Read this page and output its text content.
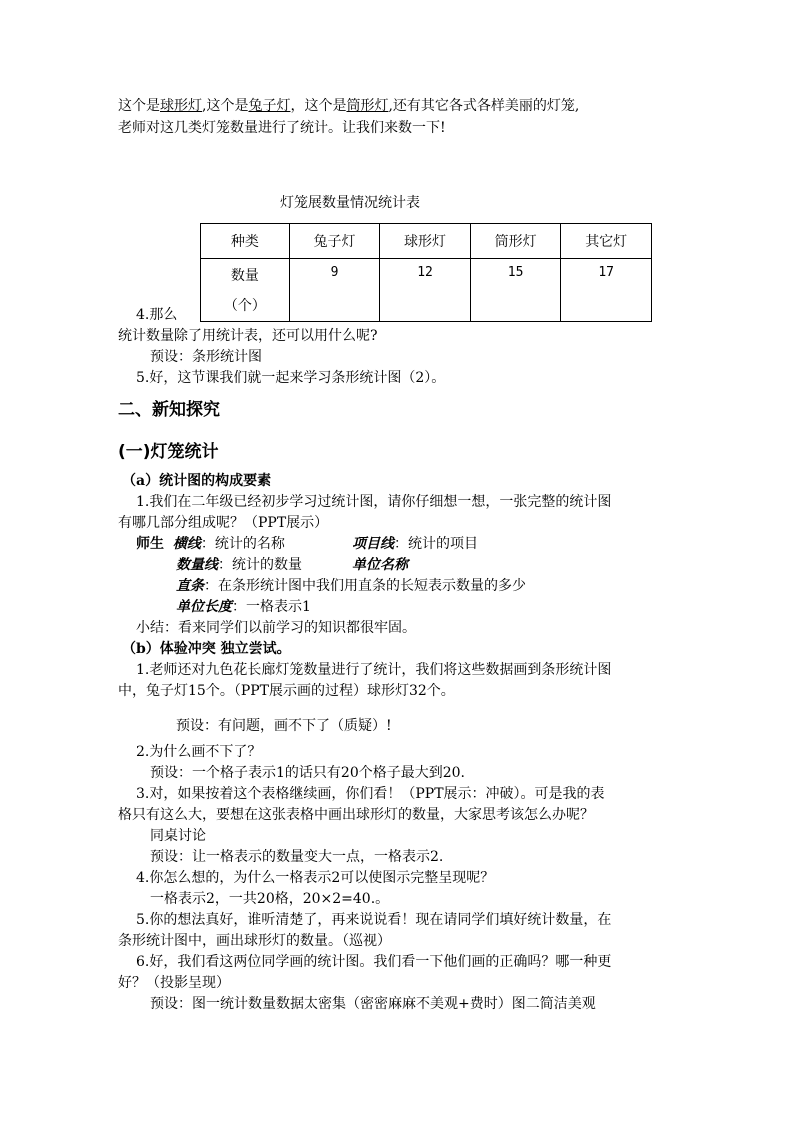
这个是球形灯,这个是兔子灯，这个是筒形灯,还有其它各式各样美丽的灯笼,
老师对这几类灯笼数量进行了统计。让我们来数一下!
灯笼展数量情况统计表
种类	兔子灯	球形灯	筒形灯	其它灯

数量
（个）	9	12	15	17
4.那么
统计数量除了用统计表，还可以用什么呢?
预设：条形统计图
5.好，这节课我们就一起来学习条形统计图（2）。
二、新知探究
(一)灯笼统计
（a）统计图的构成要素
1.我们在二年级已经初步学习过统计图，请你仔细想一想，一张完整的统计图
有哪几部分组成呢？（PPT展示）
师生 横线：统计的名称	项目线：统计的项目
数量线：统计的数量	单位名称
直条：在条形统计图中我们用直条的长短表示数量的多少
单位长度：一格表示1
小结：看来同学们以前学习的知识都很牢固。
（b）体验冲突 独立尝试。
1.老师还对九色花长廊灯笼数量进行了统计，我们将这些数据画到条形统计图
中，兔子灯15个。（PPT展示画的过程）球形灯32个。
预设：有问题，画不下了（质疑）!
2.为什么画不下了？
预设：一个格子表示1的话只有20个格子最大到20.
3.对，如果按着这个表格继续画，你们看！（PPT展示：冲破）。可是我的表
格只有这么大，要想在这张表格中画出球形灯的数量，大家思考该怎么办呢？
同桌讨论
预设：让一格表示的数量变大一点，一格表示2.
4.你怎么想的，为什么一格表示2可以使图示完整呈现呢？
一格表示2，一共20格，20×2=40.。
5.你的想法真好，谁听清楚了，再来说说看！现在请同学们填好统计数量，在
条形统计图中，画出球形灯的数量。（巡视）
6.好，我们看这两位同学画的统计图。我们看一下他们画的正确吗？哪一种更
好？（投影呈现）
预设：图一统计数量数据太密集（密密麻麻不美观+费时）图二简洁美观
